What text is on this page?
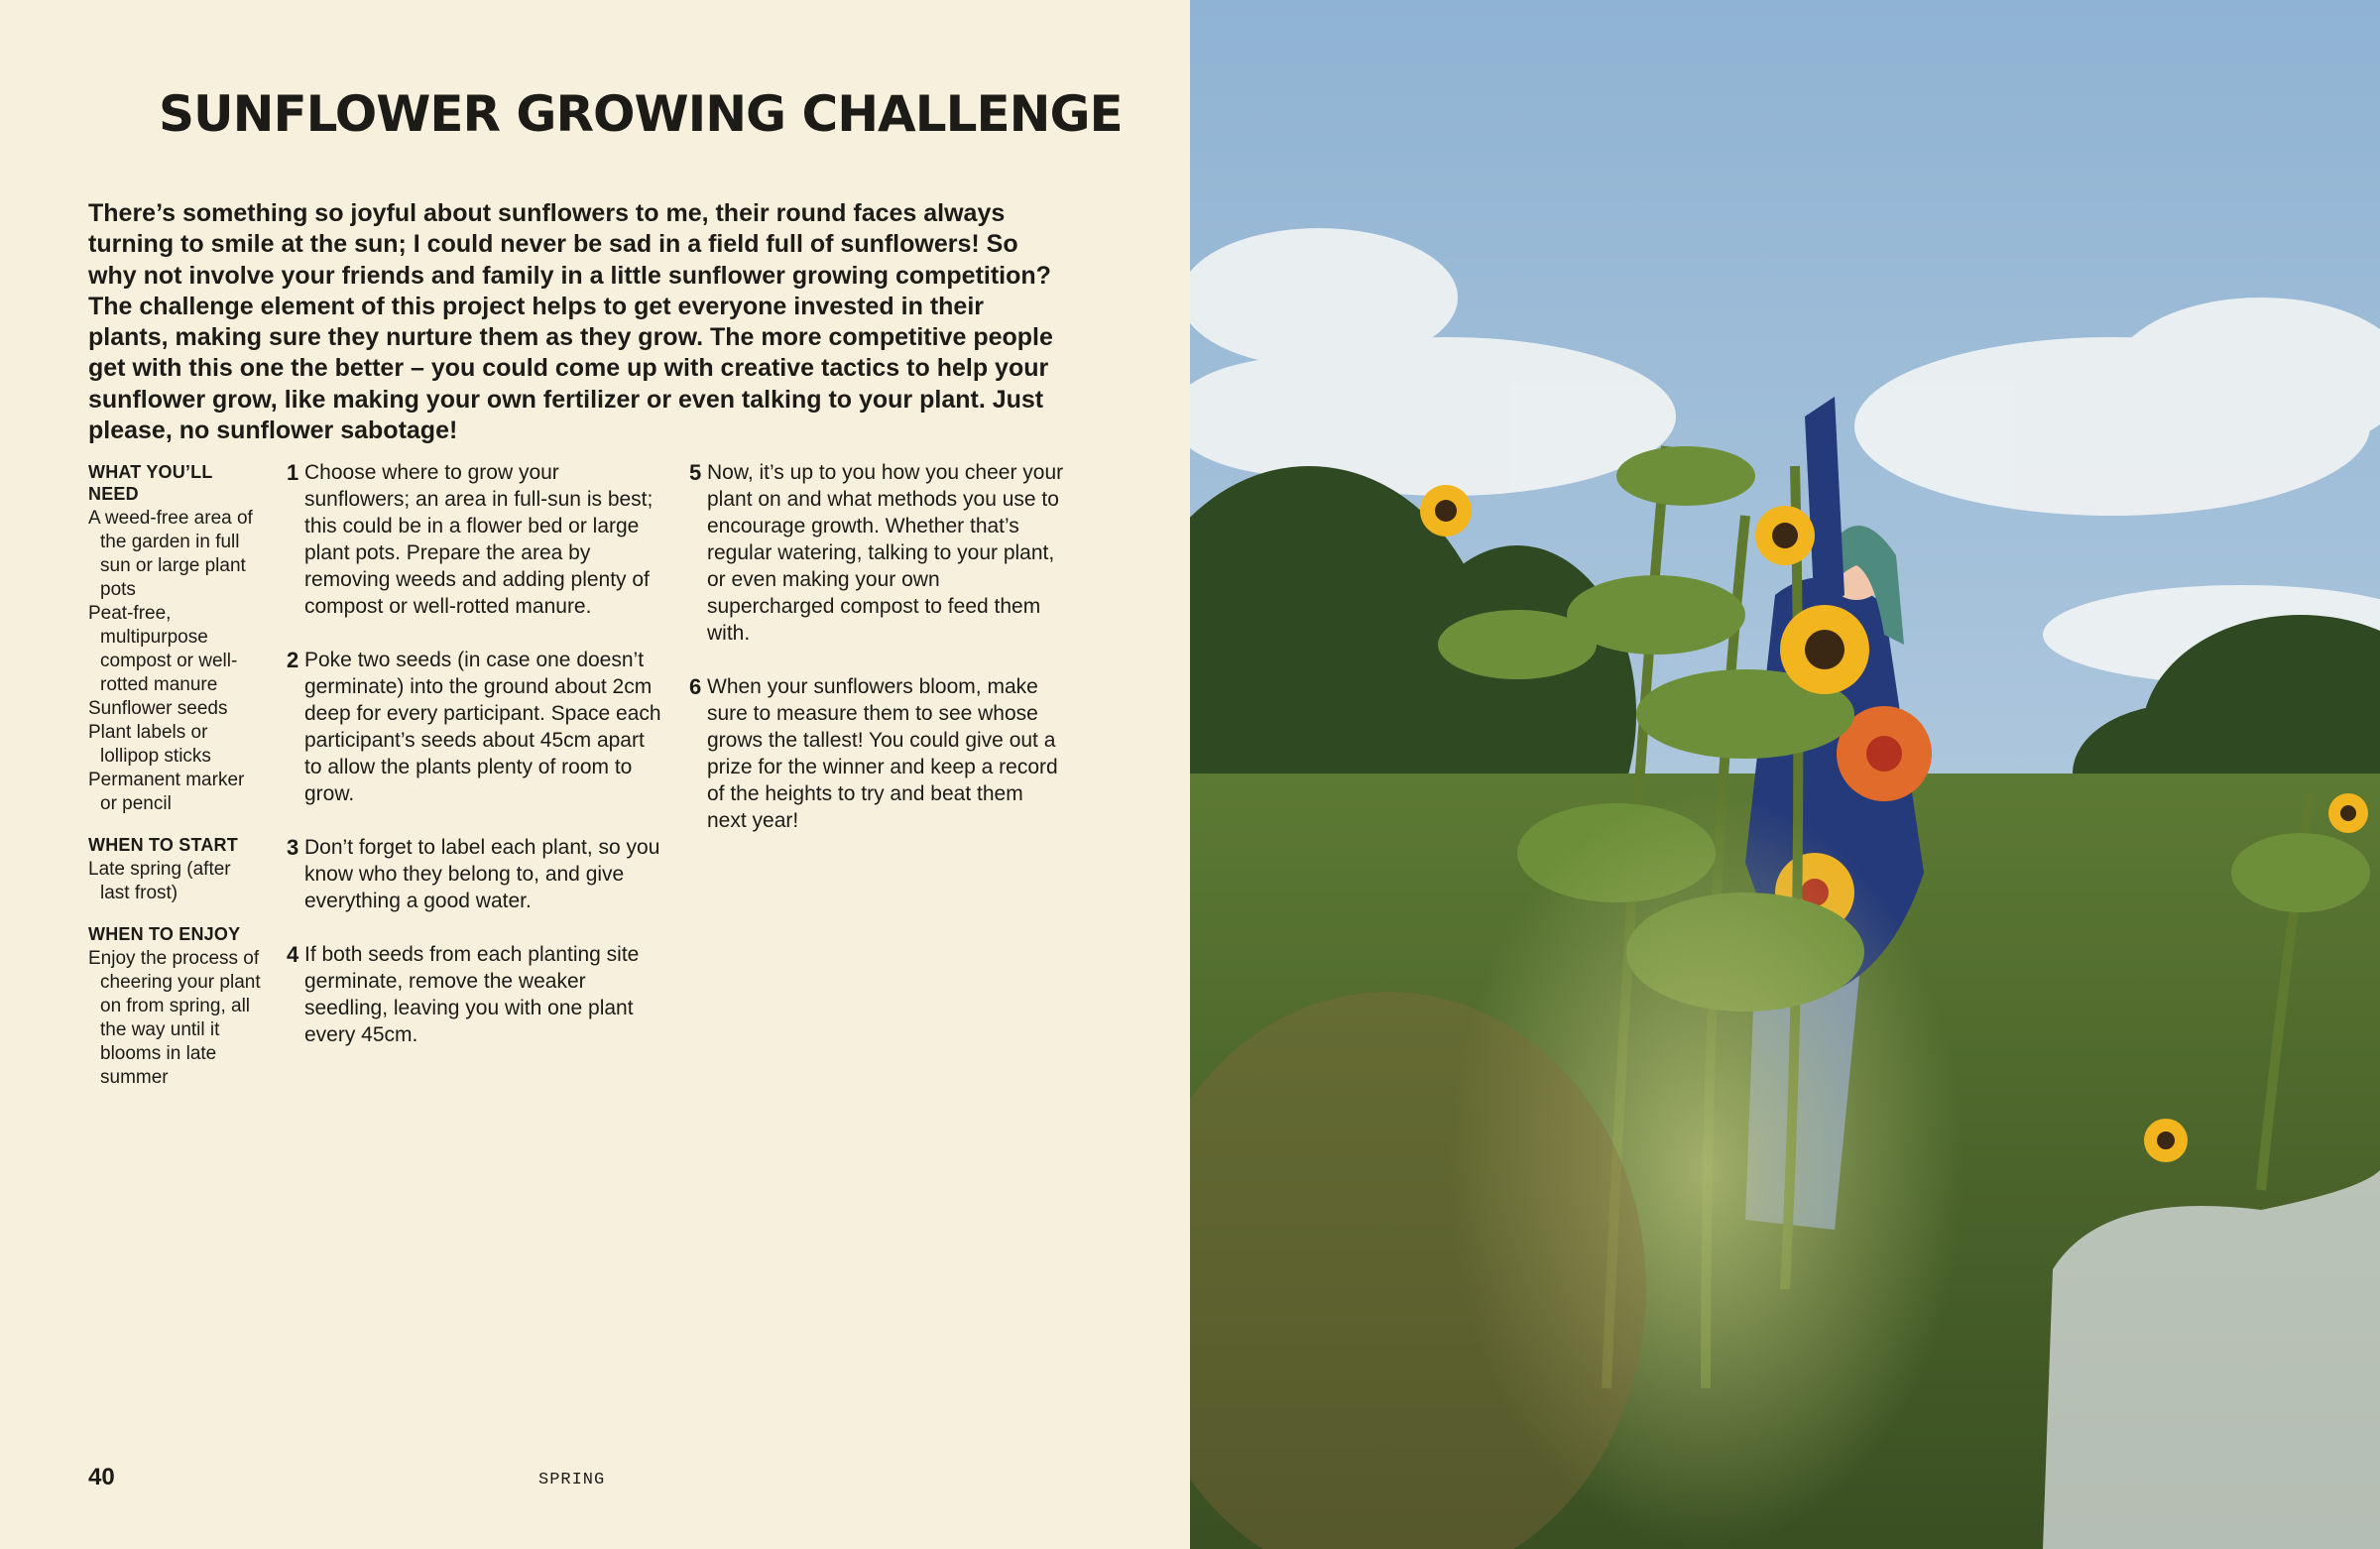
SUNFLOWER GROWING CHALLENGE
There’s something so joyful about sunflowers to me, their round faces always turning to smile at the sun; I could never be sad in a field full of sunflowers! So why not involve your friends and family in a little sunflower growing competition? The challenge element of this project helps to get everyone invested in their plants, making sure they nurture them as they grow. The more competitive people get with this one the better – you could come up with creative tactics to help your sunflower grow, like making your own fertilizer or even talking to your plant. Just please, no sunflower sabotage!
WHAT YOU’LL NEED
A weed-free area of the garden in full sun or large plant pots
Peat-free, multipurpose compost or well-rotted manure
Sunflower seeds
Plant labels or lollipop sticks
Permanent marker or pencil
WHEN TO START
Late spring (after last frost)
WHEN TO ENJOY
Enjoy the process of cheering your plant on from spring, all the way until it blooms in late summer
1 Choose where to grow your sunflowers; an area in full-sun is best; this could be in a flower bed or large plant pots. Prepare the area by removing weeds and adding plenty of compost or well-rotted manure.
2 Poke two seeds (in case one doesn’t germinate) into the ground about 2cm deep for every participant. Space each participant’s seeds about 45cm apart to allow the plants plenty of room to grow.
3 Don’t forget to label each plant, so you know who they belong to, and give everything a good water.
4 If both seeds from each planting site germinate, remove the weaker seedling, leaving you with one plant every 45cm.
5 Now, it’s up to you how you cheer your plant on and what methods you use to encourage growth. Whether that’s regular watering, talking to your plant, or even making your own supercharged compost to feed them with.
6 When your sunflowers bloom, make sure to measure them to see whose grows the tallest! You could give out a prize for the winner and keep a record of the heights to try and beat them next year!
40	SPRING
